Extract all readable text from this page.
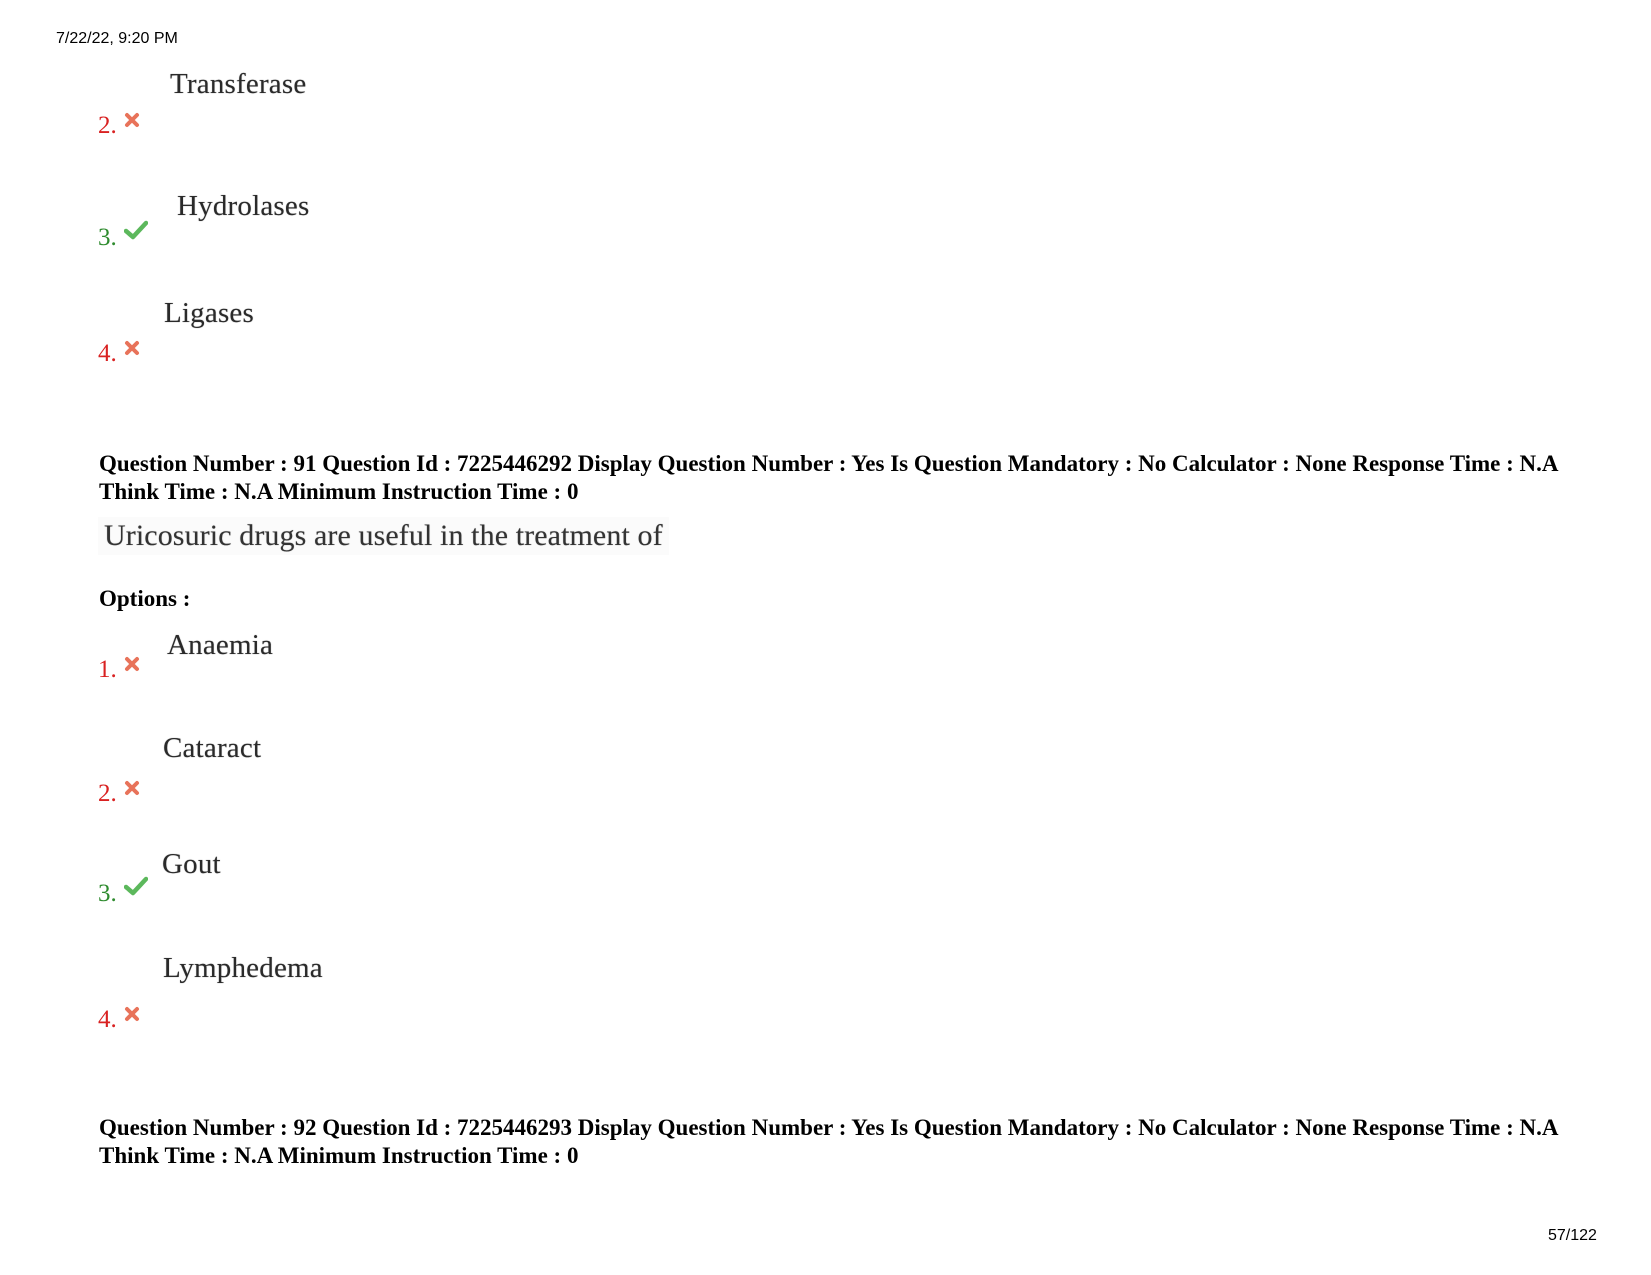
7/22/22, 9:20 PM
Transferase
2.
Hydrolases
3.
Ligases
4.
Question Number : 91 Question Id : 7225446292 Display Question Number : Yes Is Question Mandatory : No Calculator : None Response Time : N.A Think Time : N.A Minimum Instruction Time : 0
Uricosuric drugs are useful in the treatment of
Options :
Anaemia
1.
Cataract
2.
Gout
3.
Lymphedema
4.
Question Number : 92 Question Id : 7225446293 Display Question Number : Yes Is Question Mandatory : No Calculator : None Response Time : N.A Think Time : N.A Minimum Instruction Time : 0
57/122
